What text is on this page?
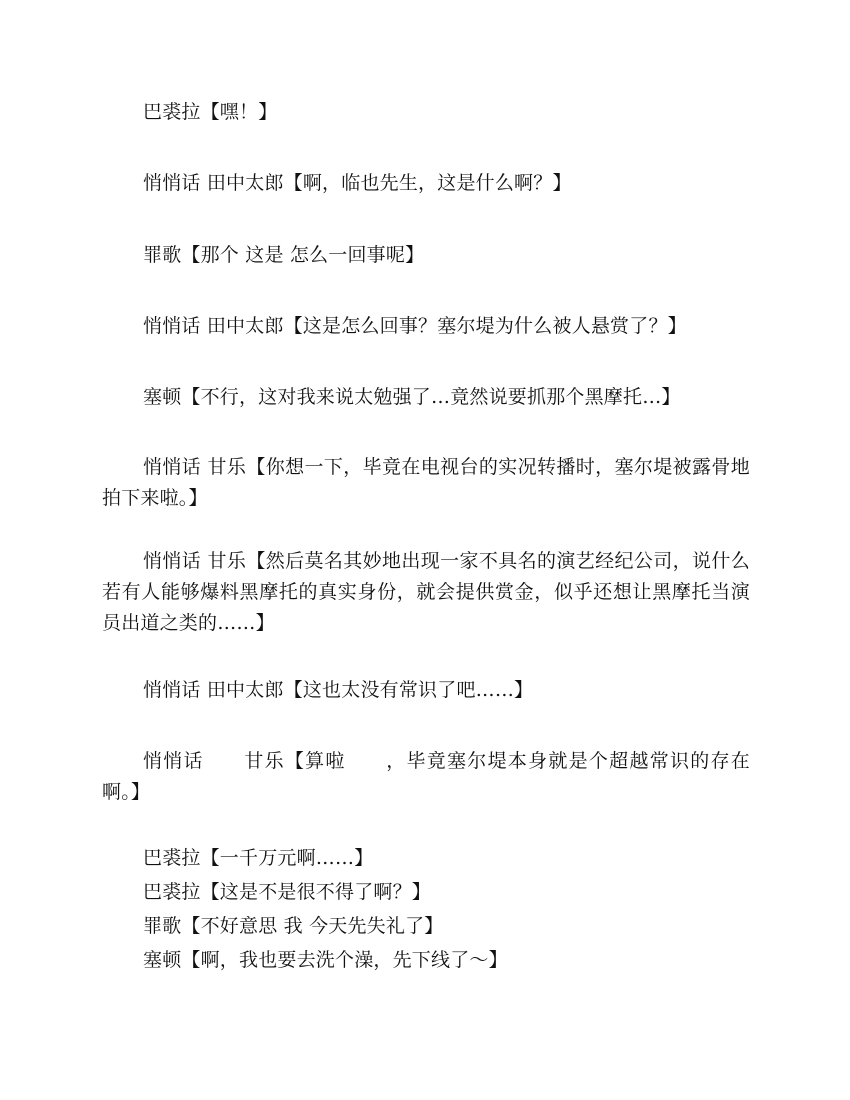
巴裘拉【嘿！】

悄悄话 田中太郎【啊，临也先生，这是什么啊？】

罪歌【那个 这是 怎么一回事呢】

悄悄话 田中太郎【这是怎么回事？塞尔堤为什么被人悬赏了？】

塞顿【不行，这对我来说太勉强了…竟然说要抓那个黑摩托…】

悄悄话 甘乐【你想一下，毕竟在电视台的实况转播时，塞尔堤被露骨地拍下来啦。】

悄悄话 甘乐【然后莫名其妙地出现一家不具名的演艺经纪公司，说什么若有人能够爆料黑摩托的真实身份，就会提供赏金，似乎还想让黑摩托当演员出道之类的……】

悄悄话 田中太郎【这也太没有常识了吧……】

悄悄话　　甘乐【算啦　　，毕竟塞尔堤本身就是个超越常识的存在啊。】

巴裘拉【一千万元啊……】

巴裘拉【这是不是很不得了啊？】

罪歌【不好意思 我 今天先失礼了】

塞顿【啊，我也要去洗个澡，先下线了～】
